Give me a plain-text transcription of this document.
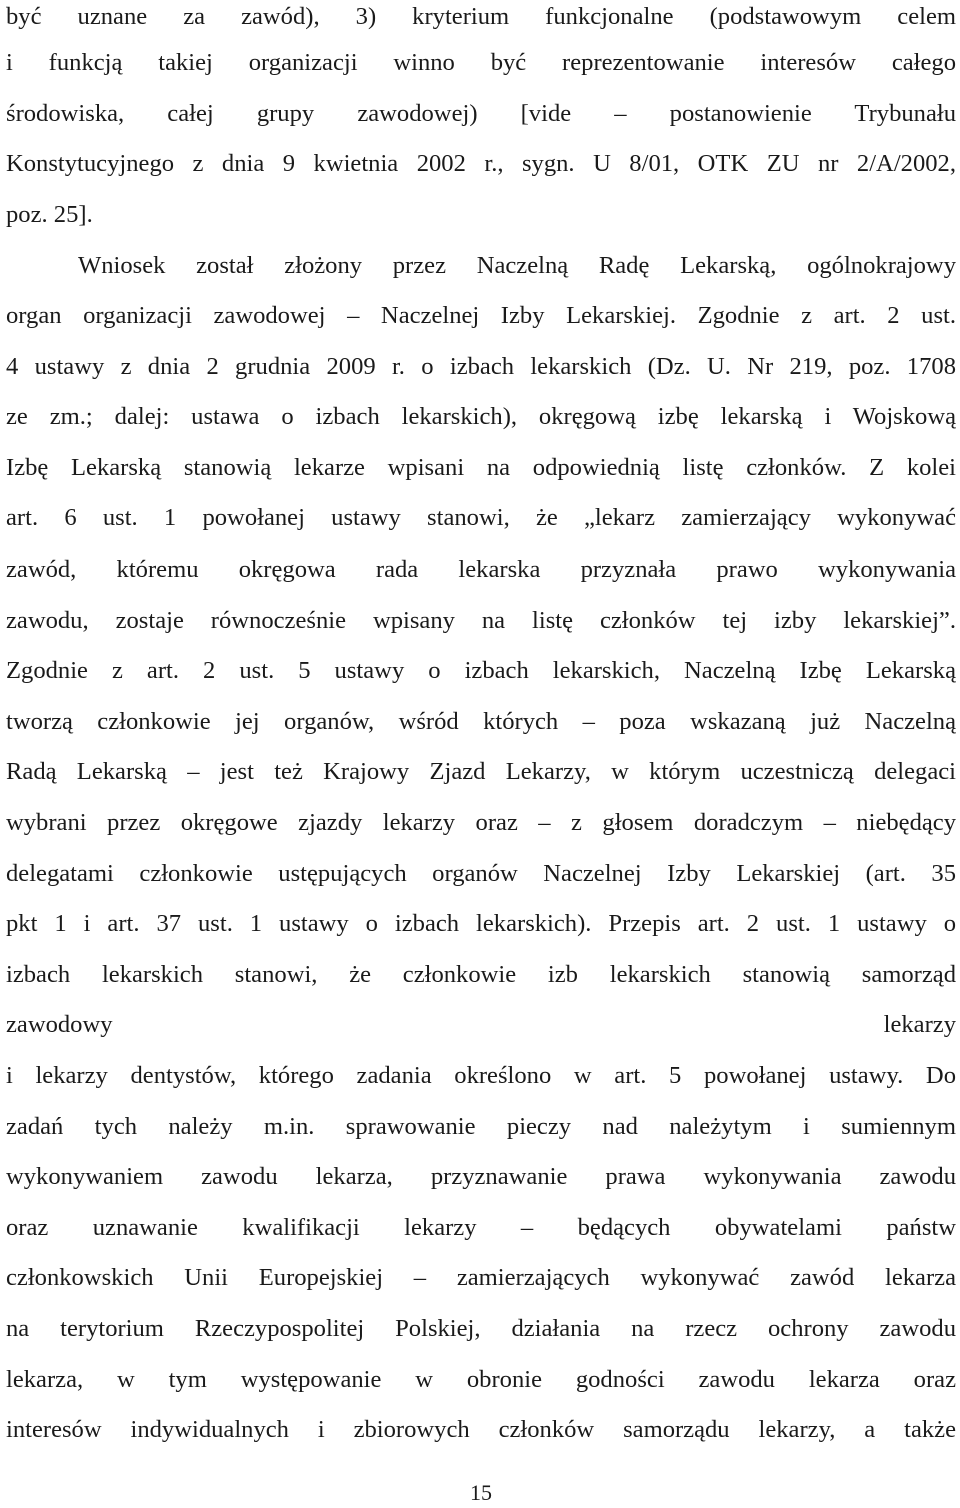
być uznane za zawód), 3) kryterium funkcjonalne (podstawowym celem
i funkcją takiej organizacji winno być reprezentowanie interesów całego
środowiska, całej grupy zawodowej) [vide – postanowienie Trybunału
Konstytucyjnego z dnia 9 kwietnia 2002 r., sygn. U 8/01, OTK ZU nr 2/A/2002,
poz. 25].
Wniosek został złożony przez Naczelną Radę Lekarską, ogólnokrajowy
organ organizacji zawodowej – Naczelnej Izby Lekarskiej. Zgodnie z art. 2 ust.
4 ustawy z dnia 2 grudnia 2009 r. o izbach lekarskich (Dz. U. Nr 219, poz. 1708
ze zm.; dalej: ustawa o izbach lekarskich), okręgową izbę lekarską i Wojskową
Izbę Lekarską stanowią lekarze wpisani na odpowiednią listę członków. Z kolei
art. 6 ust. 1 powołanej ustawy stanowi, że „lekarz zamierzający wykonywać
zawód, któremu okręgowa rada lekarska przyznała prawo wykonywania
zawodu, zostaje równocześnie wpisany na listę członków tej izby lekarskiej”.
Zgodnie z art. 2 ust. 5 ustawy o izbach lekarskich, Naczelną Izbę Lekarską
tworzą członkowie jej organów, wśród których – poza wskazaną już Naczelną
Radą Lekarską – jest też Krajowy Zjazd Lekarzy, w którym uczestniczą delegaci
wybrani przez okręgowe zjazdy lekarzy oraz – z głosem doradczym – niebędący
delegatami członkowie ustępujących organów Naczelnej Izby Lekarskiej (art. 35
pkt 1 i art. 37 ust. 1 ustawy o izbach lekarskich). Przepis art. 2 ust. 1 ustawy o
izbach lekarskich stanowi, że członkowie izb lekarskich stanowią samorząd
zawodowy lekarzy
i lekarzy dentystów, którego zadania określono w art. 5 powołanej ustawy. Do
zadań tych należy m.in. sprawowanie pieczy nad należytym i sumiennym
wykonywaniem zawodu lekarza, przyznawanie prawa wykonywania zawodu
oraz uznawanie kwalifikacji lekarzy – będących obywatelami państw
członkowskich Unii Europejskiej – zamierzających wykonywać zawód lekarza
na terytorium Rzeczypospolitej Polskiej, działania na rzecz ochrony zawodu
lekarza, w tym występowanie w obronie godności zawodu lekarza oraz
interesów indywidualnych i zbiorowych członków samorządu lekarzy, a także
15
